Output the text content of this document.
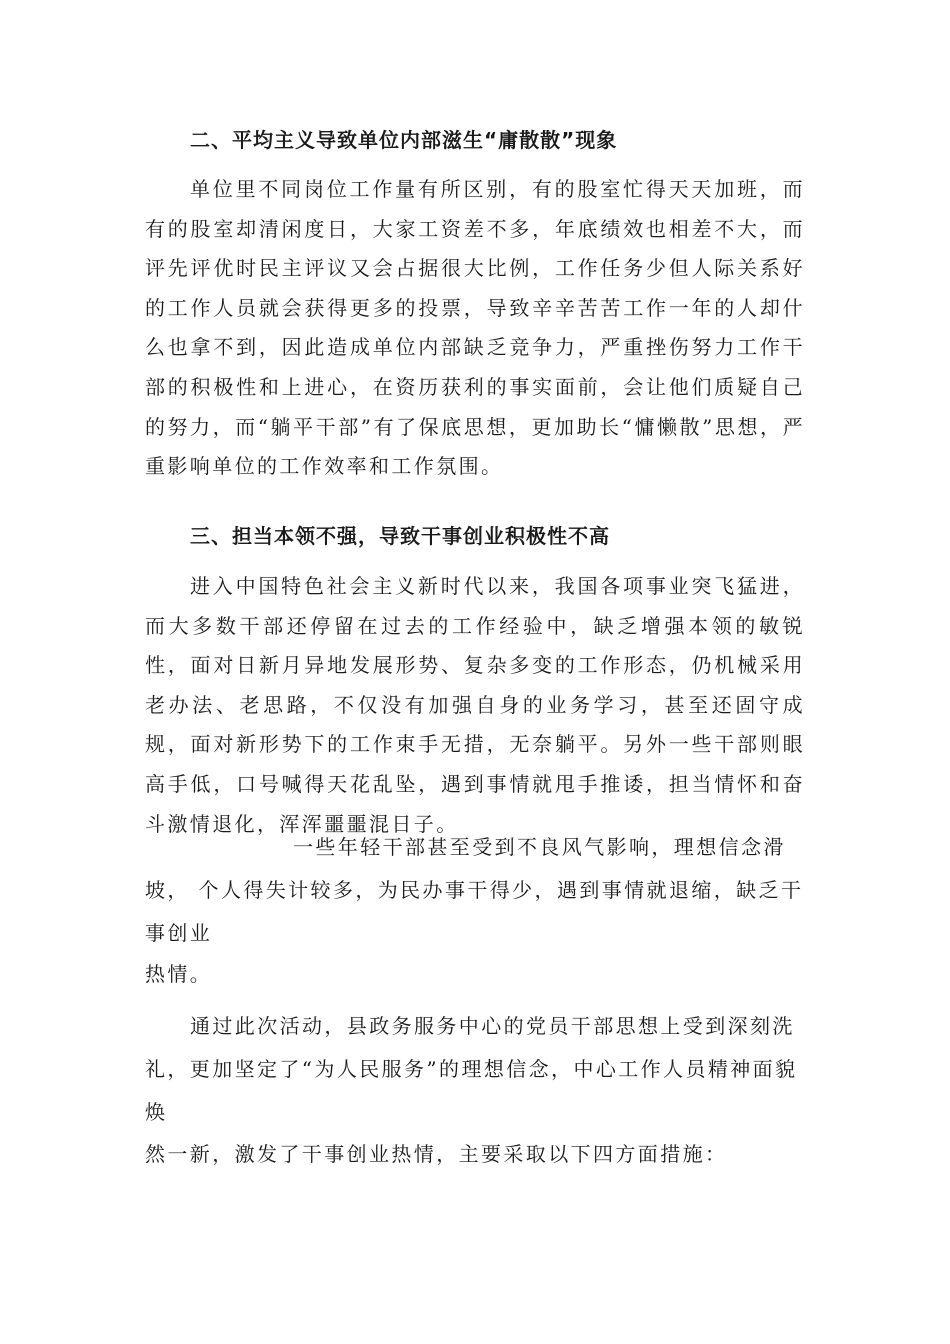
二、平均主义导致单位内部滋生“庸散散”现象
单位里不同岗位工作量有所区别，有的股室忙得天天加班，而有的股室却清闲度日，大家工资差不多，年底绩效也相差不大，而评先评优时民主评议又会占据很大比例，工作任务少但人际关系好的工作人员就会获得更多的投票，导致辛辛苦苦工作一年的人却什么也拿不到，因此造成单位内部缺乏竞争力，严重挫伤努力工作干部的积极性和上进心，在资历获利的事实面前，会让他们质疑自己的努力，而“躺平干部”有了保底思想，更加助长“慵懒散”思想，严重影响单位的工作效率和工作氛围。
三、担当本领不强，导致干事创业积极性不高
进入中国特色社会主义新时代以来，我国各项事业突飞猛进，而大多数干部还停留在过去的工作经验中，缺乏增强本领的敏锐性，面对日新月异地发展形势、复杂多变的工作形态，仍机械采用老办法、老思路，不仅没有加强自身的业务学习，甚至还固守成规，面对新形势下的工作束手无措，无奈躺平。另外一些干部则眼高手低，口号喊得天花乱坠，遇到事情就甩手推诿，担当情怀和奋斗激情退化，浑浑噩噩混日子。
一些年轻干部甚至受到不良风气影响，理想信念滑
坡， 个人得失计较多，为民办事干得少，遇到事情就退缩，缺乏干
事创业
热情。
通过此次活动，县政务服务中心的党员干部思想上受到深刻洗
礼，更加坚定了“为人民服务”的理想信念，中心工作人员精神面貌
焕
然一新，激发了干事创业热情，主要采取以下四方面措施：
